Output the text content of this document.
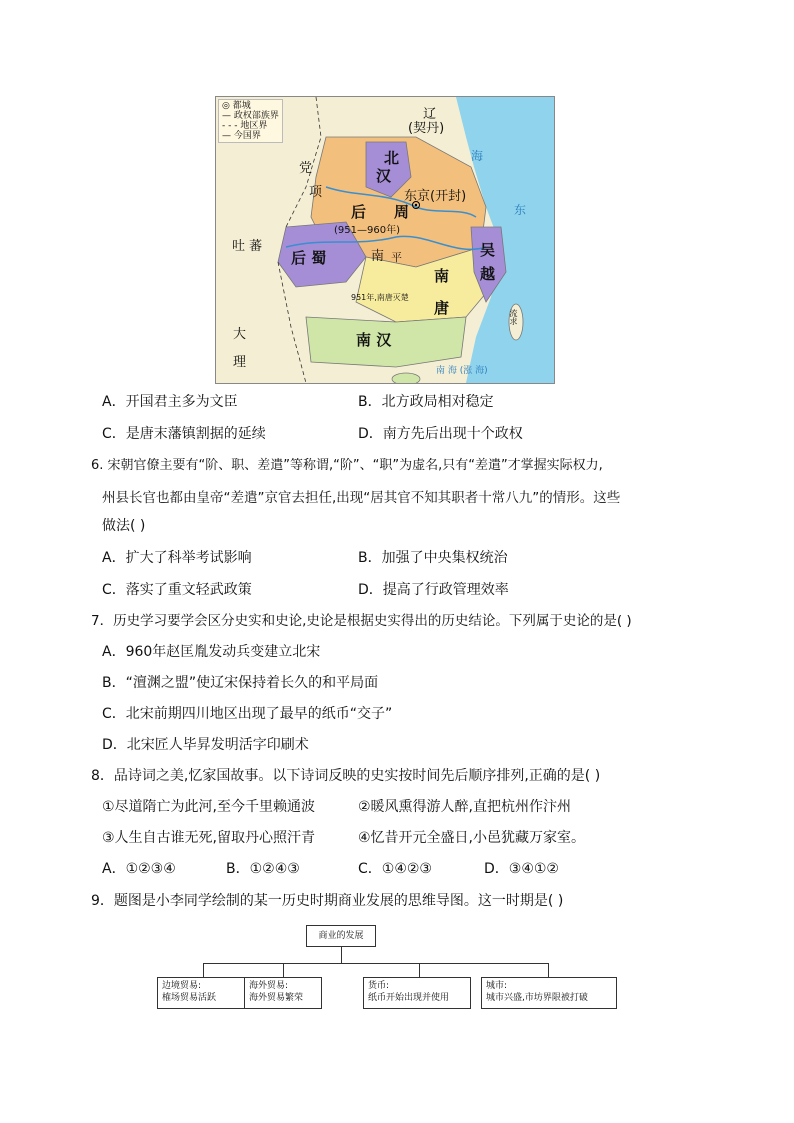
◎ 都城
— 政权部族界
- - - 地区界
— 今国界
辽
(契丹)
北
汉
东京(开封)
后 周
(951—960年)
后 蜀	南 平	吴
越
南
唐
951年,南唐灭楚
南 汉
党
项
吐 蕃
大
理
海
东
流求
南 海 (涨 海)
A．开国君主多为文臣	B．北方政局相对稳定
C．是唐末藩镇割据的延续	D．南方先后出现十个政权
6. 宋朝官僚主要有“阶、职、差遣”等称谓,“阶”、“职”为虚名,只有“差遣”才掌握实际权力,
州县长官也都由皇帝“差遣”京官去担任,出现“居其官不知其职者十常八九”的情形。这些
做法( )
A．扩大了科举考试影响	B．加强了中央集权统治
C．落实了重文轻武政策	D．提高了行政管理效率
7．历史学习要学会区分史实和史论,史论是根据史实得出的历史结论。下列属于史论的是( )
A．960年赵匡胤发动兵变建立北宋
B．“澶渊之盟”使辽宋保持着长久的和平局面
C．北宋前期四川地区出现了最早的纸币“交子”
D．北宋匠人毕昇发明活字印刷术
8．品诗词之美,忆家国故事。以下诗词反映的史实按时间先后顺序排列,正确的是( )
①尽道隋亡为此河,至今千里赖通波	②暖风熏得游人醉,直把杭州作汴州
③人生自古谁无死,留取丹心照汗青	④忆昔开元全盛日,小邑犹藏万家室。
A．①②③④	B．①②④③	C．①④②③	D．③④①②
9．题图是小李同学绘制的某一历史时期商业发展的思维导图。这一时期是( )
商业的发展
边境贸易:
榷场贸易活跃
海外贸易:
海外贸易繁荣
货币:
纸币开始出现并使用
城市:
城市兴盛,市坊界限被打破
